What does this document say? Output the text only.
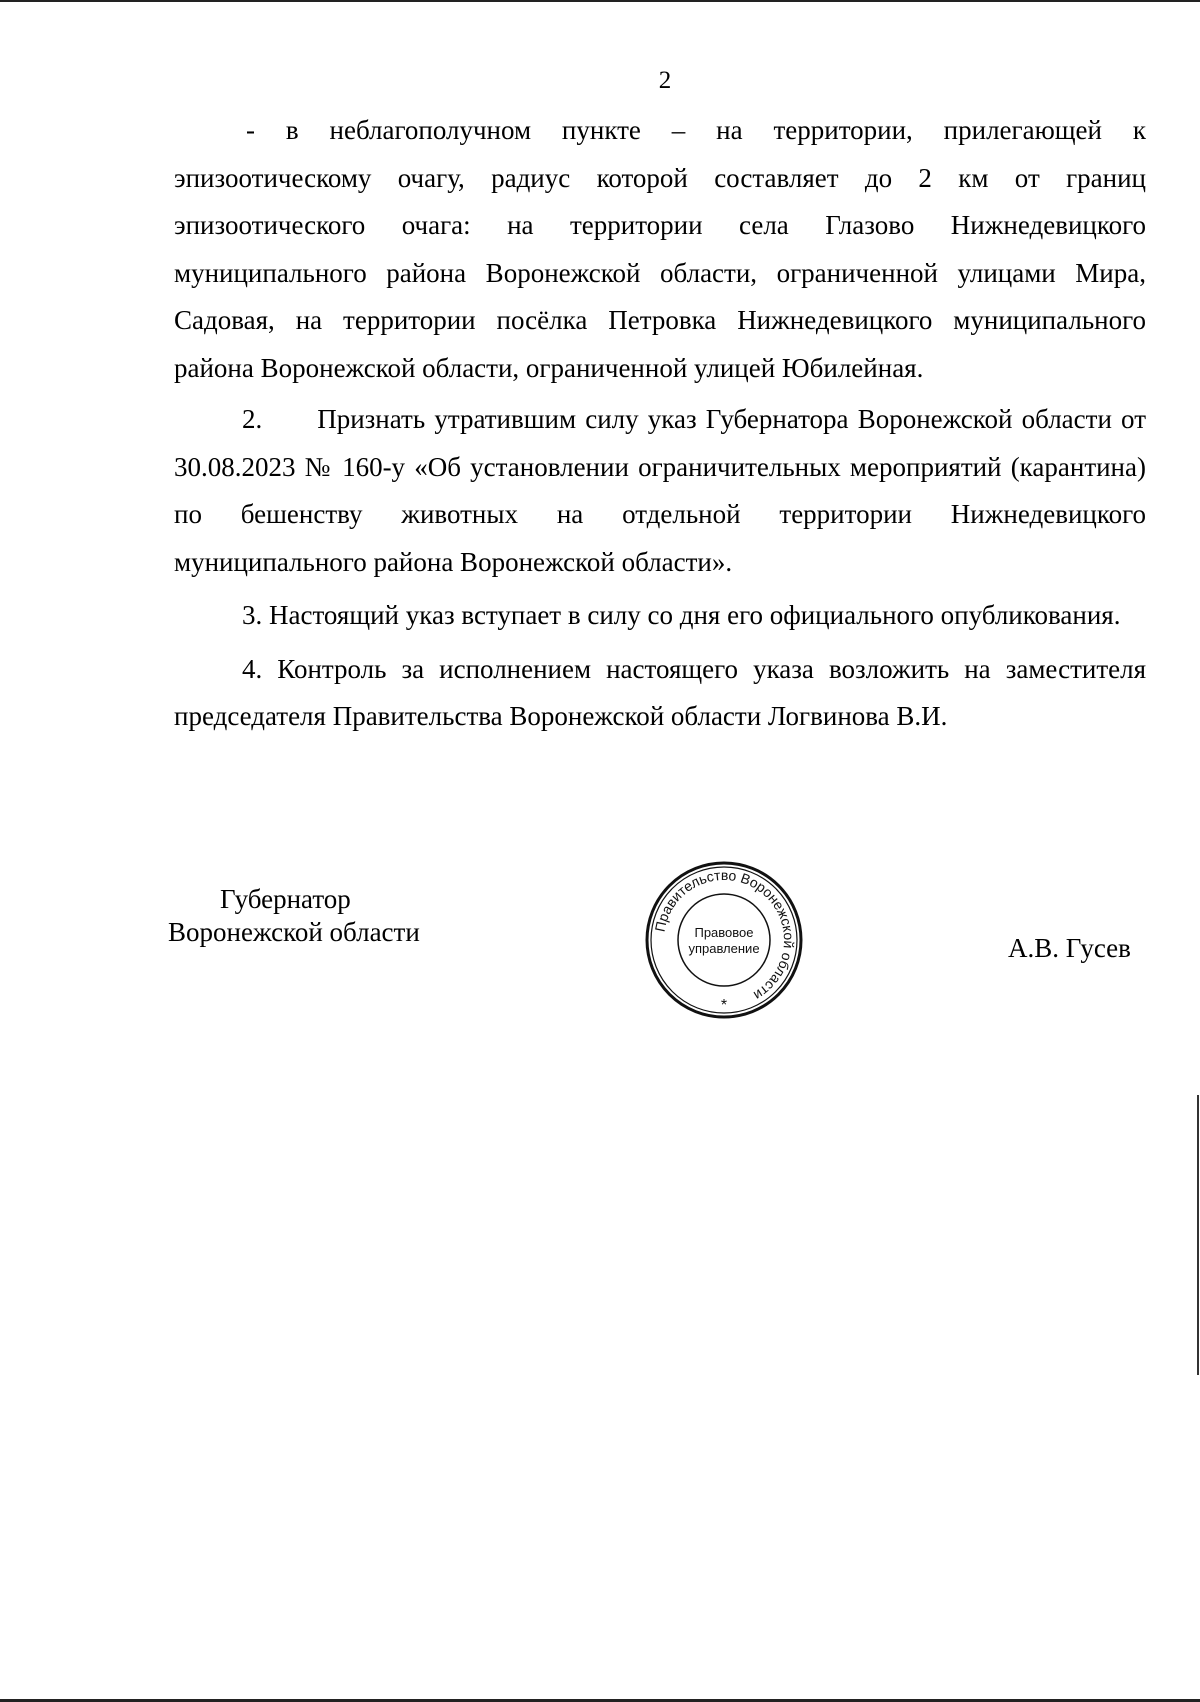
2

- в неблагополучном пункте – на территории, прилегающей к эпизоотическому очагу, радиус которой составляет до 2 км от границ эпизоотического очага: на территории села Глазово Нижнедевицкого муниципального района Воронежской области, ограниченной улицами Мира, Садовая, на территории посёлка Петровка Нижнедевицкого муниципального района Воронежской области, ограниченной улицей Юбилейная.

2.      Признать утратившим силу указ Губернатора Воронежской области от 30.08.2023 № 160-у «Об установлении ограничительных мероприятий (карантина) по бешенству животных на отдельной территории Нижнедевицкого муниципального района Воронежской области».

3. Настоящий указ вступает в силу со дня его официального опубликования.

4. Контроль за исполнением настоящего указа возложить на заместителя председателя Правительства Воронежской области Логвинова В.И.

Губернатор
Воронежской области	Правительство Воронежской области
Правовое
управление
*
А.В. Гусев
